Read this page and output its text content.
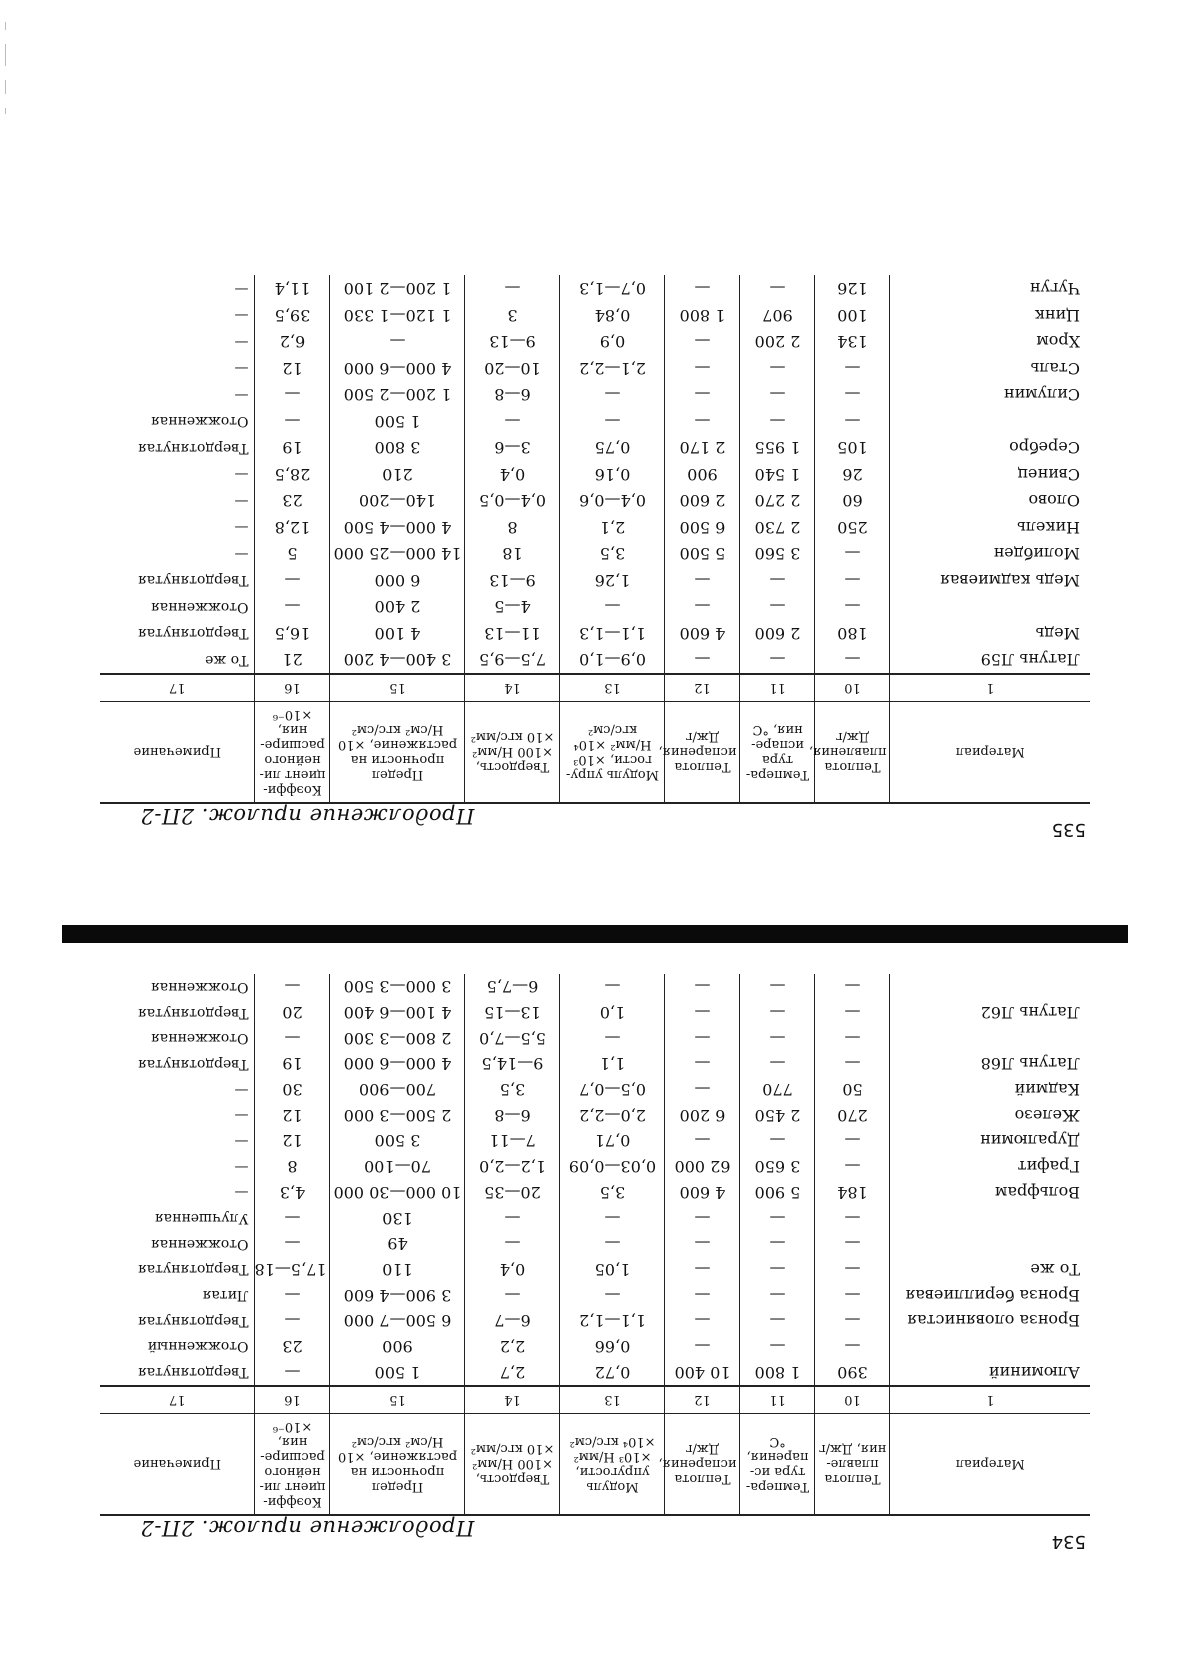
535
Продолжение прилож. 2П-2
Материал	Теплота плавления, Дж/г	Темпера-тура испаре-ния, °С	Теплота испарения, Дж/г	Модуль упру-гости, ×10³ Н/мм² ×10⁴ кгс/см²	Твердость, ×100 Н/мм² ×10 кгс/мм²	Предел прочности на растяжение, ×10 Н/см² кгс/см²	Коэффи-циент ли-нейного расшире-ния, ×10⁻⁶	Примечание
1	10	11	12	13	14	15	16	17
Латунь Л59	—	—	—	0,9—1,0	7,5—9,5	3 400—4 200	21	То же
Медь	180	2 600	4 600	1,1—1,3	11—13	4 100	16,5	Твердотянутая
	—	—	—	—	4—5	2 400	—	Отожженная
Медь кадмиевая	—	—	—	1,26	9—13	6 000	—	Твердотянутая
Молибден	—	3 560	5 500	3,5	18	14 000—25 000	5	—
Никель	250	2 730	6 500	2,1	8	4 000—4 500	12,8	—
Олово	60	2 270	2 600	0,4—0,6	0,4—0,5	140—200	23	—
Свинец	26	1 540	900	0,16	0,4	210	28,5	—
Серебро	105	1 955	2 170	0,75	3—6	3 800	19	Твердотянутая
	—	—	—	—	—	1 500	—	Отожженная
Силумин	—	—	—	—	6—8	1 200—2 500	—	—
Сталь	—	—	—	2,1—2,2	10—20	4 000—6 000	12	—
Хром	134	2 200	—	0,9	9—13	—	6,2	—
Цинк	100	907	1 800	0,84	3	1 120—1 330	39,5	—
Чугун	126	—	—	0,7—1,3	—	1 200—2 100	11,4	—
534
Продолжение прилож. 2П-2
Материал	Теплота плавле-ния, Дж/г	Темпера-тура ис-парения, °С	Теплота испарения, Дж/г	Модуль упругости, ×10³ Н/мм² ×10⁴ кгс/см²	Твердость, ×100 Н/мм² ×10 кгс/мм²	Предел прочности на растяжение, ×10 Н/см² кгс/см²	Коэффи-циент ли-нейного расшире-ния, ×10⁻⁶	Примечание
1	10	11	12	13	14	15	16	17
Алюминий	390	1 800	10 400	0,72	2,7	1 500	—	Твердотянутая
	—	—	—	0,66	2,2	900	23	Отожженный
Бронза оловянистая	—	—	—	1,1—1,2	6—7	6 500—7 000	—	Твердотянутая
Бронза бериллиевая	—	—	—	—	—	3 900—4 600	—	Литая
То же	—	—	—	1,05	0,4	110	17,5—18	Твердотянутая
	—	—	—	—	—	49	—	Отожженная
	—	—	—	—	—	130	—	Улучшенная
Вольфрам	184	5 900	4 600	3,5	20—35	10 000—30 000	4,3	—
Графит	—	3 650	62 000	0,03—0,09	1,2—2,0	70—100	8	—
Дуралюмин	—	—	—	0,71	7—11	3 500	12	—
Железо	270	2 450	6 200	2,0—2,2	6—8	2 500—3 000	12	—
Кадмий	50	770	—	0,5—0,7	3,5	700—900	30	—
Латунь Л68	—	—	—	1,1	9—14,5	4 000—6 000	19	Твердотянутая
	—	—	—	—	5,5—7,0	2 800—3 300	—	Отожженная
Латунь Л62	—	—	—	1,0	13—15	4 100—6 400	20	Твердотянутая
	—	—	—	—	6—7,5	3 000—3 500	—	Отожженная
